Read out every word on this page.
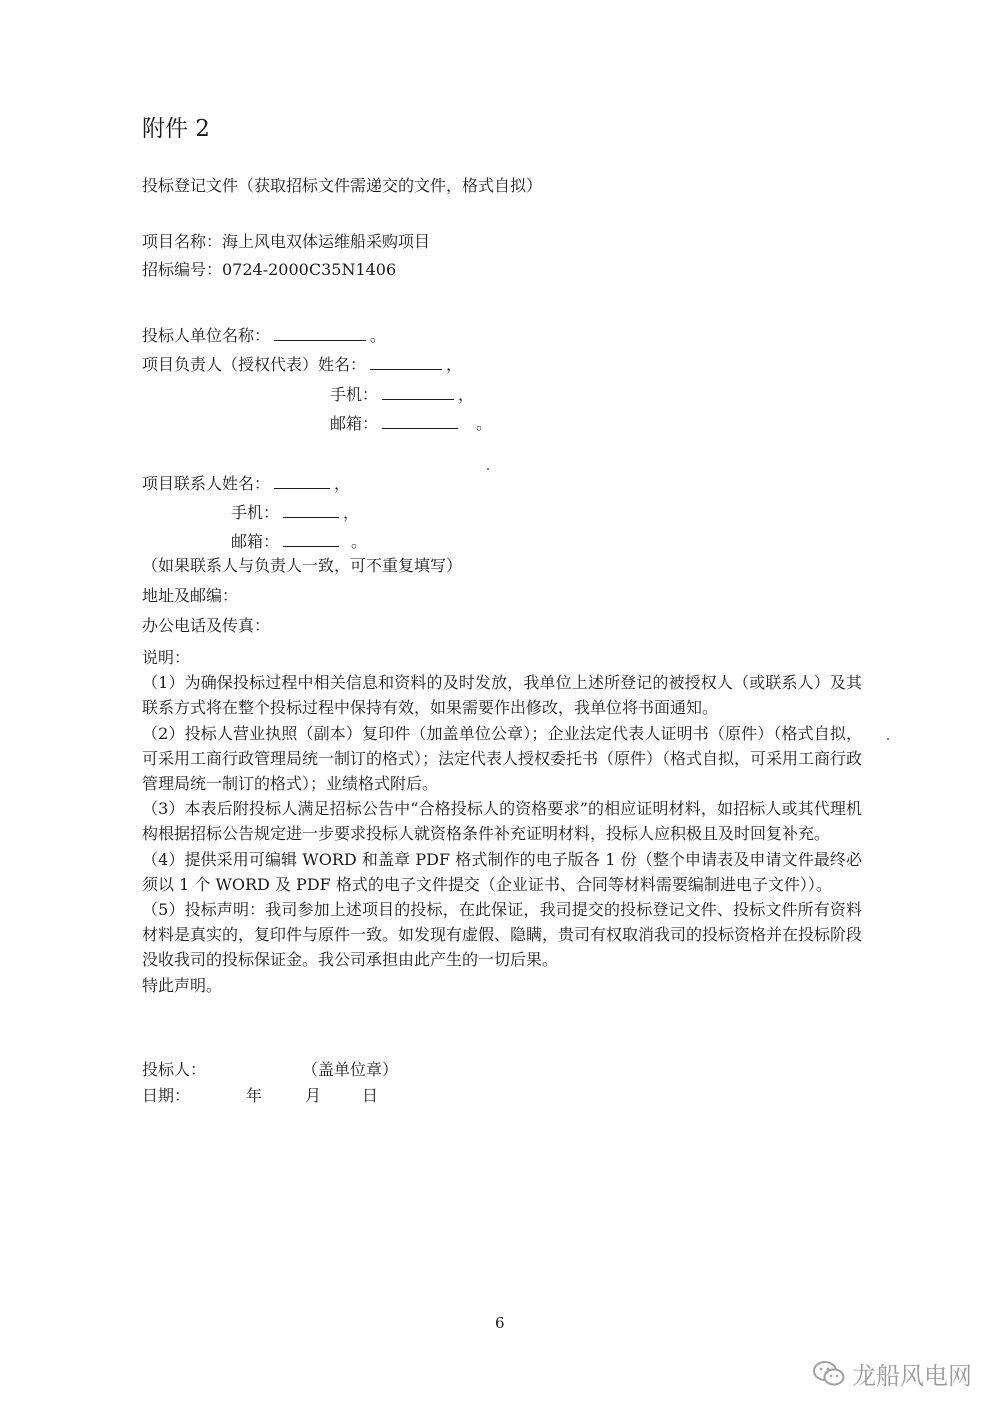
附件 2
投标登记文件（获取招标文件需递交的文件，格式自拟）
项目名称：海上风电双体运维船采购项目
招标编号：0724-2000C35N1406
投标人单位名称：	。
项目负责人（授权代表）姓名：	，
手机：	，
邮箱：	。
项目联系人姓名：	，
手机：	，
邮箱：	。
（如果联系人与负责人一致，可不重复填写）
地址及邮编：
办公电话及传真：

说明：

（1）为确保投标过程中相关信息和资料的及时发放，我单位上述所登记的被授权人（或联系人）及其联系方式将在整个投标过程中保持有效，如果需要作出修改，我单位将书面通知。

（2）投标人营业执照（副本）复印件（加盖单位公章）；企业法定代表人证明书（原件）（格式自拟，可采用工商行政管理局统一制订的格式）；法定代表人授权委托书（原件）（格式自拟，可采用工商行政管理局统一制订的格式）；业绩格式附后。

（3）本表后附投标人满足招标公告中“合格投标人的资格要求”的相应证明材料，如招标人或其代理机构根据招标公告规定进一步要求投标人就资格条件补充证明材料，投标人应积极且及时回复补充。

（4）提供采用可编辑 WORD 和盖章 PDF 格式制作的电子版各 1 份（整个申请表及申请文件最终必须以 1 个 WORD 及 PDF 格式的电子文件提交（企业证书、合同等材料需要编制进电子文件））。

（5）投标声明：我司参加上述项目的投标，在此保证，我司提交的投标登记文件、投标文件所有资料材料是真实的，复印件与原件一致。如发现有虚假、隐瞒，贵司有权取消我司的投标资格并在投标阶段没收我司的投标保证金。我公司承担由此产生的一切后果。

特此声明。

投标人：	（盖单位章）
日期：	年	月	日
6
龙船风电网
